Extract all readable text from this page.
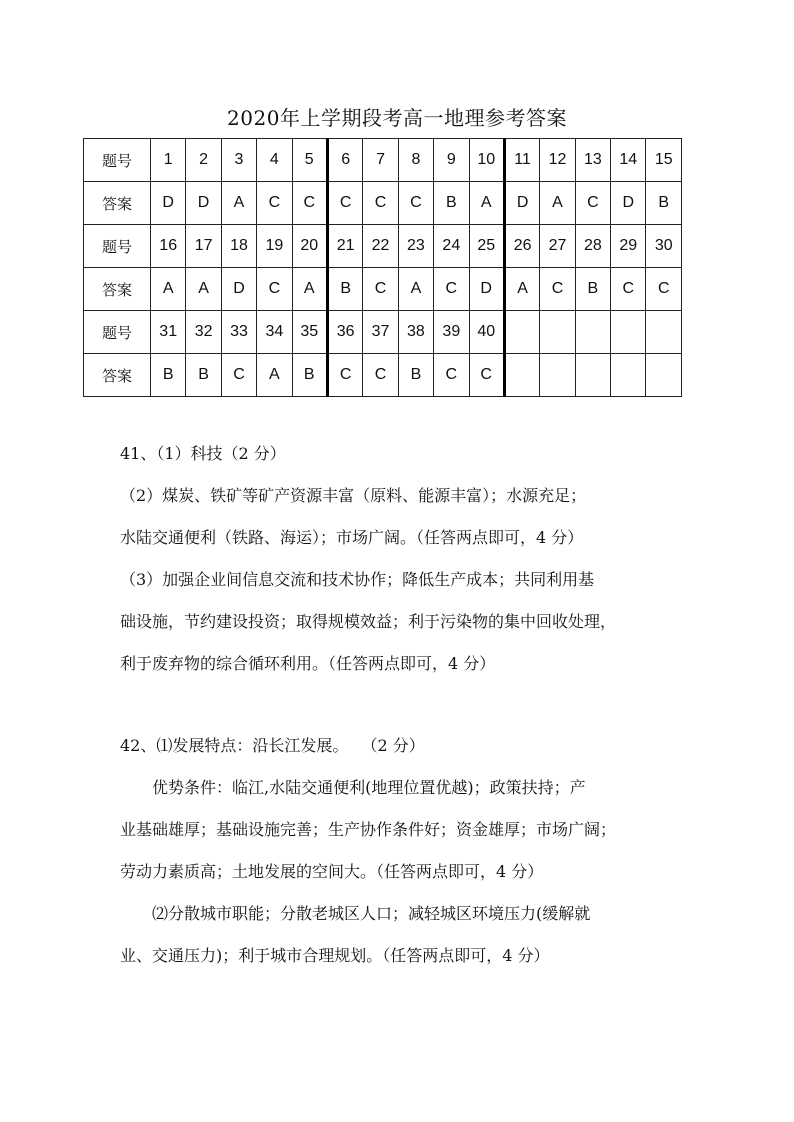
2020年上学期段考高一地理参考答案
题号	1	2	3	4	5	6	7	8	9	10	11	12	13	14	15
答案	D	D	A	C	C	C	C	C	B	A	D	A	C	D	B
题号	16	17	18	19	20	21	22	23	24	25	26	27	28	29	30
答案	A	A	D	C	A	B	C	A	C	D	A	C	B	C	C
题号	31	32	33	34	35	36	37	38	39	40					
答案	B	B	C	A	B	C	C	B	C	C					
41、（1）科技（2 分）
（2）煤炭、铁矿等矿产资源丰富（原料、能源丰富）；水源充足；
水陆交通便利（铁路、海运）；市场广阔。（任答两点即可，4 分）
（3）加强企业间信息交流和技术协作；降低生产成本；共同利用基
础设施，节约建设投资；取得规模效益；利于污染物的集中回收处理，
利于废弃物的综合循环利用。（任答两点即可，4 分）
42、⑴发展特点：沿长江发展。　 （2 分）
优势条件：临江,水陆交通便利(地理位置优越)；政策扶持；产
业基础雄厚；基础设施完善；生产协作条件好；资金雄厚；市场广阔；
劳动力素质高；土地发展的空间大。（任答两点即可，4 分）
⑵分散城市职能；分散老城区人口；减轻城区环境压力(缓解就
业、交通压力)；利于城市合理规划。（任答两点即可，4 分）
